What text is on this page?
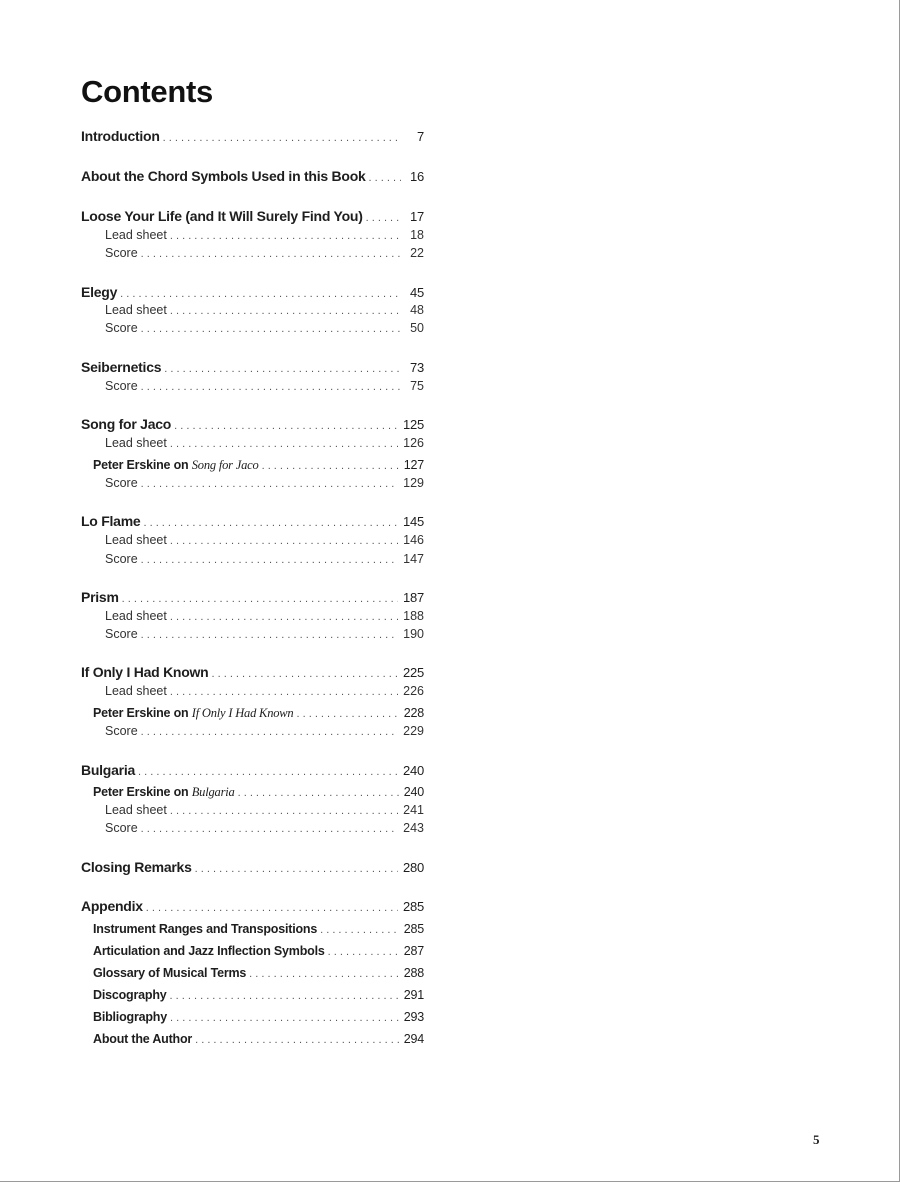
Contents
Introduction . . .	7
About the Chord Symbols Used in this Book . . .	16
Loose Your Life (and It Will Surely Find You) . . .	17
Lead sheet . . .	18
Score . . .	22
Elegy . . .	45
Lead sheet . . .	48
Score . . .	50
Seibernetics . . .	73
Score . . .	75
Song for Jaco . . .	125
Lead sheet . . .	126
Peter Erskine on Song for Jaco . . .	127
Score . . .	129
Lo Flame . . .	145
Lead sheet . . .	146
Score . . .	147
Prism . . .	187
Lead sheet . . .	188
Score . . .	190
If Only I Had Known . . .	225
Lead sheet . . .	226
Peter Erskine on If Only I Had Known . . .	228
Score . . .	229
Bulgaria . . .	240
Peter Erskine on Bulgaria . . .	240
Lead sheet . . .	241
Score . . .	243
Closing Remarks . . .	280
Appendix . . .	285
Instrument Ranges and Transpositions . . .	285
Articulation and Jazz Inflection Symbols . . .	287
Glossary of Musical Terms . . .	288
Discography . . .	291
Bibliography . . .	293
About the Author . . .	294
5
